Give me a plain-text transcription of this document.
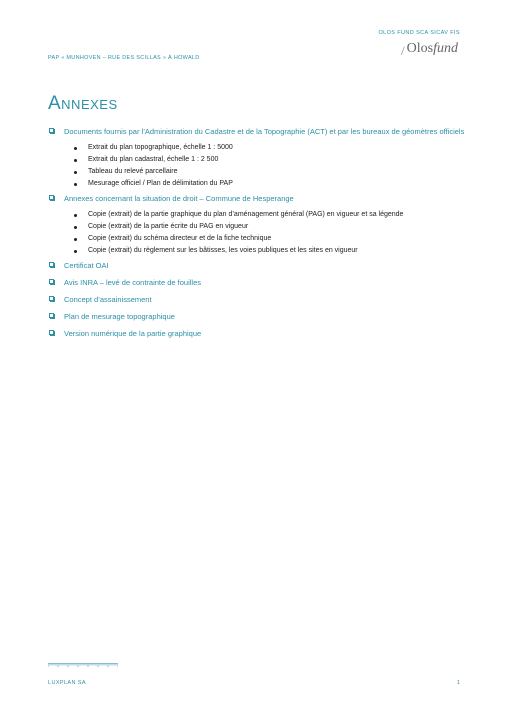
OLOS FUND SCA SICAV FIS
/ Olosfund
PAP « MUNHOVEN – RUE DES SCILLAS » À HOWALD
Annexes
Documents fournis par l’Administration du Cadastre et de la Topographie (ACT) et par les bureaux de géomètres officiels
Extrait du plan topographique, échelle 1 : 5000
Extrait du plan cadastral, échelle 1 : 2 500
Tableau du relevé parcellaire
Mesurage officiel / Plan de délimitation du PAP
Annexes concernant la situation de droit – Commune de Hesperange
Copie (extrait) de la partie graphique du plan d’aménagement général (PAG) en vigueur et sa légende
Copie (extrait) de la partie écrite du PAG en vigueur
Copie (extrait) du schéma directeur et de la fiche technique
Copie (extrait) du règlement sur les bâtisses, les voies publiques et les sites en vigueur
Certificat OAI
Avis INRA – levé de contrainte de fouilles
Concept d’assainissement
Plan de mesurage topographique
Version numérique de la partie graphique
LUXPLAN SA	1
